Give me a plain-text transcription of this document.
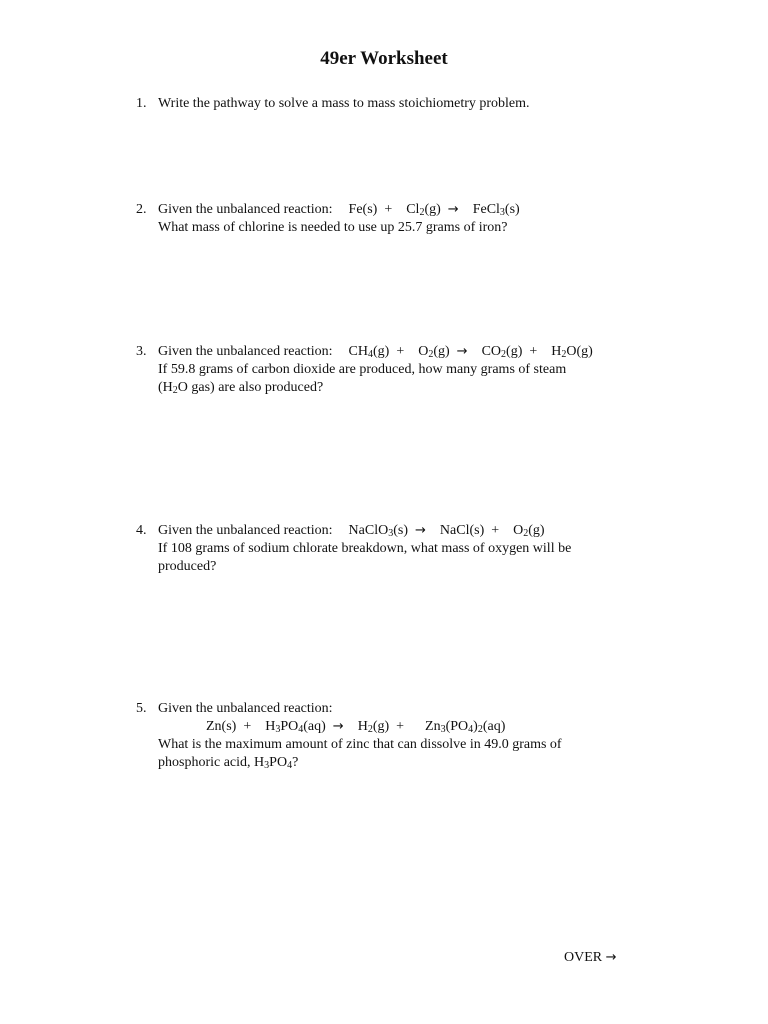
49er Worksheet
1. Write the pathway to solve a mass to mass stoichiometry problem.
2. Given the unbalanced reaction: Fe(s)  +    $Cl_2(g)$  →    FeCl$_3$(s)
What mass of chlorine is needed to use up 25.7 grams of iron?
3. Given the unbalanced reaction: $CH_4(g)$  +    $O_2(g)$  →    $CO_2(g)$  +    $H_2O(g)$
If 59.8 grams of carbon dioxide are produced, how many grams of steam
($H_2O$ gas) are also produced?
4. Given the unbalanced reaction: NaClO$_3$(s)  →    NaCl(s)  +    $O_2(g)$
If 108 grams of sodium chlorate breakdown, what mass of oxygen will be
produced?
5. Given the unbalanced reaction:
Zn(s)  +    $H_3PO_4(aq)$  →    $H_2(g)$  +      $Zn_3(PO_4)_2(aq)$
What is the maximum amount of zinc that can dissolve in 49.0 grams of
phosphoric acid, $H_3PO_4$?
OVER →
